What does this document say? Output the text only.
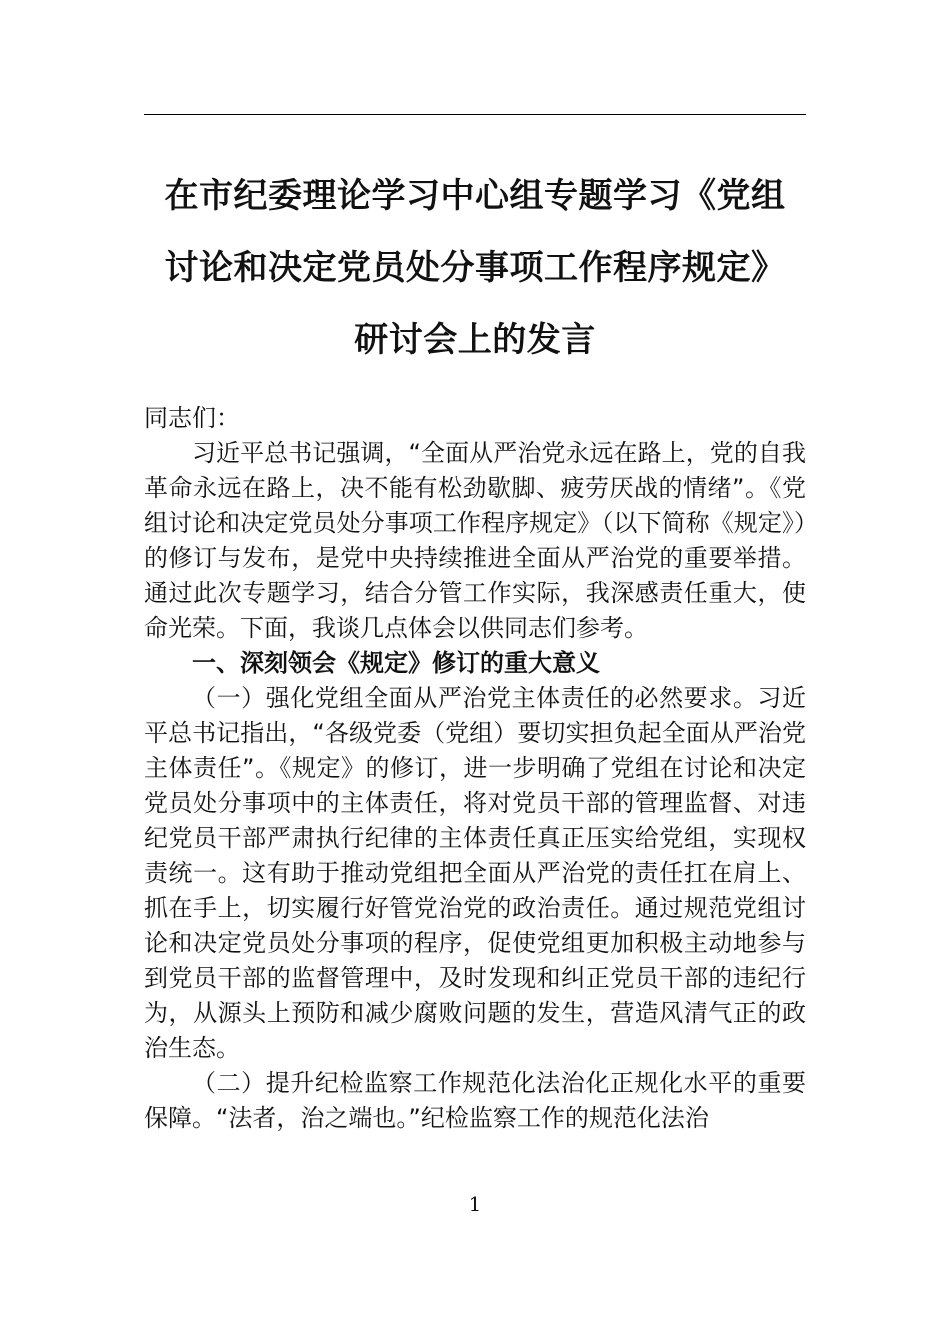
在市纪委理论学习中心组专题学习《党组
讨论和决定党员处分事项工作程序规定》
研讨会上的发言

同志们：

习近平总书记强调，“全面从严治党永远在路上，党的自我革命永远在路上，决不能有松劲歇脚、疲劳厌战的情绪”。《党组讨论和决定党员处分事项工作程序规定》（以下简称《规定》）的修订与发布，是党中央持续推进全面从严治党的重要举措。通过此次专题学习，结合分管工作实际，我深感责任重大，使命光荣。下面，我谈几点体会以供同志们参考。

一、深刻领会《规定》修订的重大意义

（一）强化党组全面从严治党主体责任的必然要求。习近平总书记指出，“各级党委（党组）要切实担负起全面从严治党主体责任”。《规定》的修订，进一步明确了党组在讨论和决定党员处分事项中的主体责任，将对党员干部的管理监督、对违纪党员干部严肃执行纪律的主体责任真正压实给党组，实现权责统一。这有助于推动党组把全面从严治党的责任扛在肩上、抓在手上，切实履行好管党治党的政治责任。通过规范党组讨论和决定党员处分事项的程序，促使党组更加积极主动地参与到党员干部的监督管理中，及时发现和纠正党员干部的违纪行为，从源头上预防和减少腐败问题的发生，营造风清气正的政治生态。

（二）提升纪检监察工作规范化法治化正规化水平的重要保障。“法者，治之端也。”纪检监察工作的规范化法治

1
